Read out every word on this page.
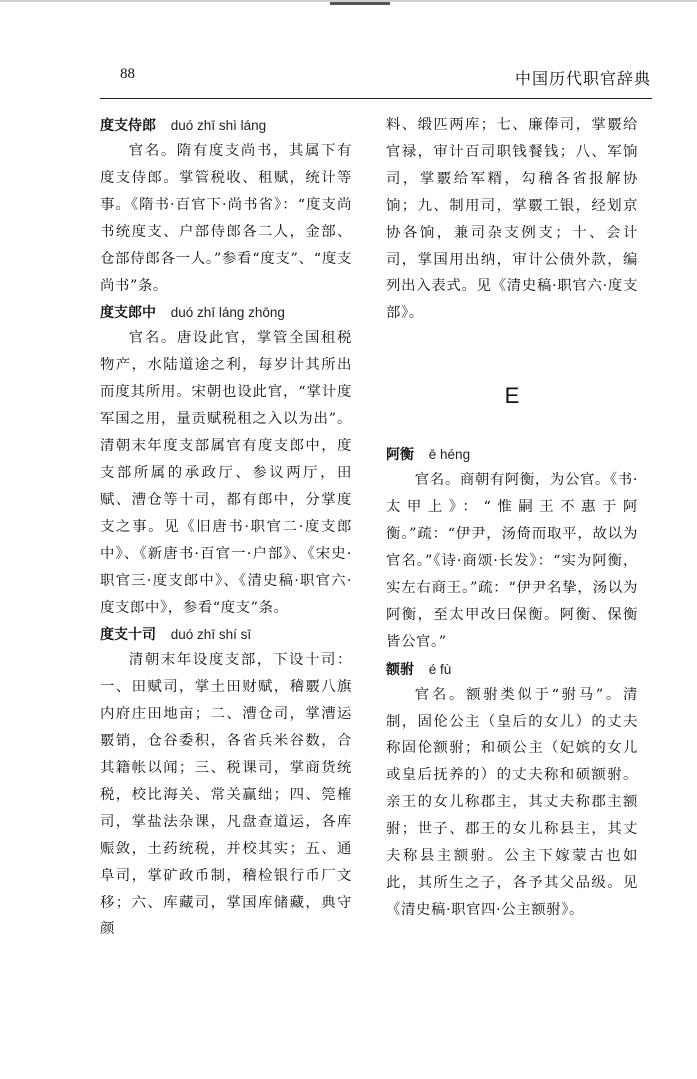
88	中国历代职官辞典
度支侍郎 duó zhī shì láng

官名。隋有度支尚书，其属下有度支侍郎。掌管税收、租赋，统计等事。《隋书·百官下·尚书省》：“度支尚书统度支、户部侍郎各二人，金部、仓部侍郎各一人。”参看“度支”、“度支尚书”条。

度支郎中 duó zhī láng zhōng

官名。唐设此官，掌管全国租税物产，水陆道途之利，每岁计其所出而度其所用。宋朝也设此官，“掌计度军国之用，量贡赋税租之入以为出”。清朝末年度支部属官有度支郎中，度支部所属的承政厅、参议两厅，田赋、漕仓等十司，都有郎中，分掌度支之事。见《旧唐书·职官二·度支郎中》、《新唐书·百官一·户部》、《宋史·职官三·度支郎中》、《清史稿·职官六·度支郎中》，参看“度支”条。

度支十司 duó zhī shí sī

清朝末年设度支部，下设十司：一、田赋司，掌土田财赋，稽覈八旗内府庄田地亩；二、漕仓司，掌漕运覈销，仓谷委积，各省兵米谷数，合其籍帐以闻；三、税课司，掌商货统税，校比海关、常关赢绌；四、筦榷司，掌盐法杂课，凡盘查道运，各库赈敛，土药统税，并校其实；五、通阜司，掌矿政币制，稽检银行币厂文移；六、库藏司，掌国库储藏，典守颜

料、缎匹两库；七、廉俸司，掌覈给官禄，审计百司职钱餐钱；八、军饷司，掌覈给军糈，勾稽各省报解协饷；九、制用司，掌覈工银，经划京协各饷，兼司杂支例支；十、会计司，掌国用出纳，审计公债外款，编列出入表式。见《清史稿·职官六·度支部》。

E
阿衡 ē héng

官名。商朝有阿衡，为公官。《书·太甲上》：“惟嗣王不惠于阿衡。”疏：“伊尹，汤倚而取平，故以为官名。”《诗·商颂·长发》：“实为阿衡，实左右商王。”疏：“伊尹名挚，汤以为阿衡，至太甲改曰保衡。阿衡、保衡皆公官。”

额驸 é fù

官名。额驸类似于“驸马”。清制，固伦公主（皇后的女儿）的丈夫称固伦额驸；和硕公主（妃嫔的女儿或皇后抚养的）的丈夫称和硕额驸。亲王的女儿称郡主，其丈夫称郡主额驸；世子、郡王的女儿称县主，其丈夫称县主额驸。公主下嫁蒙古也如此，其所生之子，各予其父品级。见《清史稿·职官四·公主额驸》。
